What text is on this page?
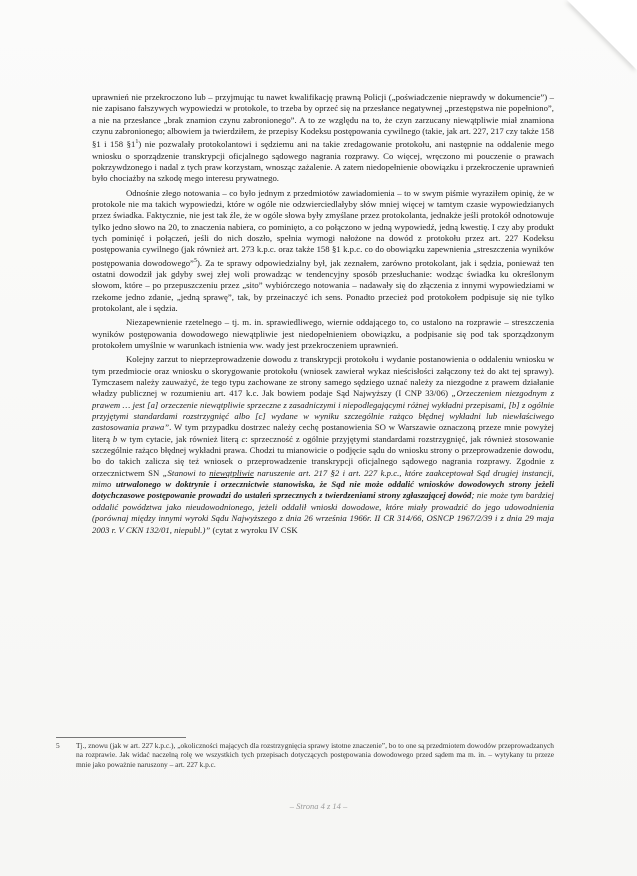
uprawnień nie przekroczono lub – przyjmując tu nawet kwalifikację prawną Policji („poświadczenie nieprawdy w dokumencie”) – nie zapisano fałszywych wypowiedzi w protokole, to trzeba by oprzeć się na przesłance negatywnej „przestępstwa nie popełniono”, a nie na przesłance „brak znamion czynu zabronionego”. A to ze względu na to, że czyn zarzucany niewątpliwie miał znamiona czynu zabronionego; albowiem ja twierdziłem, że przepisy Kodeksu postępowania cywilnego (takie, jak art. 227, 217 czy także 158 §1 i 158 $\S 1^1$) nie pozwalały protokolantowi i sędziemu ani na takie zredagowanie protokołu, ani następnie na oddalenie mego wniosku o sporządzenie transkrypcji oficjalnego sądowego nagrania rozprawy. Co więcej, wręczono mi pouczenie o prawach pokrzywdzonego i nadal z tych praw korzystam, wnosząc zażalenie. A zatem niedopełnienie obowiązku i przekroczenie uprawnień było chociażby na szkodę mego interesu prywatnego.

Odnośnie złego notowania – co było jednym z przedmiotów zawiadomienia – to w swym piśmie wyraziłem opinię, że w protokole nie ma takich wypowiedzi, które w ogóle nie odzwierciedlałyby słów mniej więcej w tamtym czasie wypowiedzianych przez świadka. Faktycznie, nie jest tak źle, że w ogóle słowa były zmyślane przez protokolanta, jednakże jeśli protokół odnotowuje tylko jedno słowo na 20, to znaczenia nabiera, co pominięto, a co połączono w jedną wypowiedź, jedną kwestię. I czy aby produkt tych pominięć i połączeń, jeśli do nich doszło, spełnia wymogi nałożone na dowód z protokołu przez art. 227 Kodeksu postępowania cywilnego (jak również art. 273 k.p.c. oraz także 158 §1 k.p.c. co do obowiązku zapewnienia „streszczenia wyników postępowania dowodowego”$^5$). Za te sprawy odpowiedzialny był, jak zeznałem, zarówno protokolant, jak i sędzia, ponieważ ten ostatni dowodził jak gdyby swej złej woli prowadząc w tendencyjny sposób przesłuchanie: wodząc świadka ku określonym słowom, które – po przepuszczeniu przez „sito” wybiórczego notowania – nadawały się do złączenia z innymi wypowiedziami w rzekome jedno zdanie, „jedną sprawę”, tak, by przeinaczyć ich sens. Ponadto przecież pod protokołem podpisuje się nie tylko protokolant, ale i sędzia.

Niezapewnienie rzetelnego – tj. m. in. sprawiedliwego, wiernie oddającego to, co ustalono na rozprawie – streszczenia wyników postępowania dowodowego niewątpliwie jest niedopełnieniem obowiązku, a podpisanie się pod tak sporządzonym protokołem umyślnie w warunkach istnienia ww. wady jest przekroczeniem uprawnień.

Kolejny zarzut to nieprzeprowadzenie dowodu z transkrypcji protokołu i wydanie postanowienia o oddaleniu wniosku w tym przedmiocie oraz wniosku o skorygowanie protokołu (wniosek zawierał wykaz nieścisłości załączony też do akt tej sprawy). Tymczasem należy zauważyć, że tego typu zachowane ze strony samego sędziego uznać należy za niezgodne z prawem działanie władzy publicznej w rozumieniu art. 417 k.c. Jak bowiem podaje Sąd Najwyższy (I CNP 33/06) „Orzeczeniem niezgodnym z prawem … jest [a] orzeczenie niewątpliwie sprzeczne z zasadniczymi i niepodlegającymi różnej wykładni przepisami, [b] z ogólnie przyjętymi standardami rozstrzygnięć albo [c] wydane w wyniku szczególnie rażąco błędnej wykładni lub niewłaściwego zastosowania prawa”. W tym przypadku dostrzec należy cechę postanowienia SO w Warszawie oznaczoną przeze mnie powyżej literą b w tym cytacie, jak również literą c: sprzeczność z ogólnie przyjętymi standardami rozstrzygnięć, jak również stosowanie szczególnie rażąco błędnej wykładni prawa. Chodzi tu mianowicie o podjęcie sądu do wniosku strony o przeprowadzenie dowodu, bo do takich zalicza się też wniosek o przeprowadzenie transkrypcji oficjalnego sądowego nagrania rozprawy. Zgodnie z orzecznictwem SN „Stanowi to niewątpliwie naruszenie art. 217 §2 i art. 227 k.p.c., które zaakceptował Sąd drugiej instancji, mimo utrwalonego w doktrynie i orzecznictwie stanowiska, że Sąd nie może oddalić wniosków dowodowych strony jeżeli dotychczasowe postępowanie prowadzi do ustaleń sprzecznych z twierdzeniami strony zgłaszającej dowód; nie może tym bardziej oddalić powództwa jako nieudowodnionego, jeżeli oddalił wnioski dowodowe, które miały prowadzić do jego udowodnienia (porównaj między innymi wyroki Sądu Najwyższego z dnia 26 września 1966r. II CR 314/66, OSNCP 1967/2/39 i z dnia 29 maja 2003 r. V CKN 132/01, niepubl.)” (cytat z wyroku IV CSK

5	Tj., znowu (jak w art. 227 k.p.c.), „okoliczności mających dla rozstrzygnięcia sprawy istotne znaczenie”, bo to one są przedmiotem dowodów przeprowadzanych na rozprawie. Jak widać naczelną rolę we wszystkich tych przepisach dotyczących postępowania dowodowego przed sądem ma m. in. – wytykany tu przeze mnie jako poważnie naruszony – art. 227 k.p.c.
– Strona 4 z 14 –
